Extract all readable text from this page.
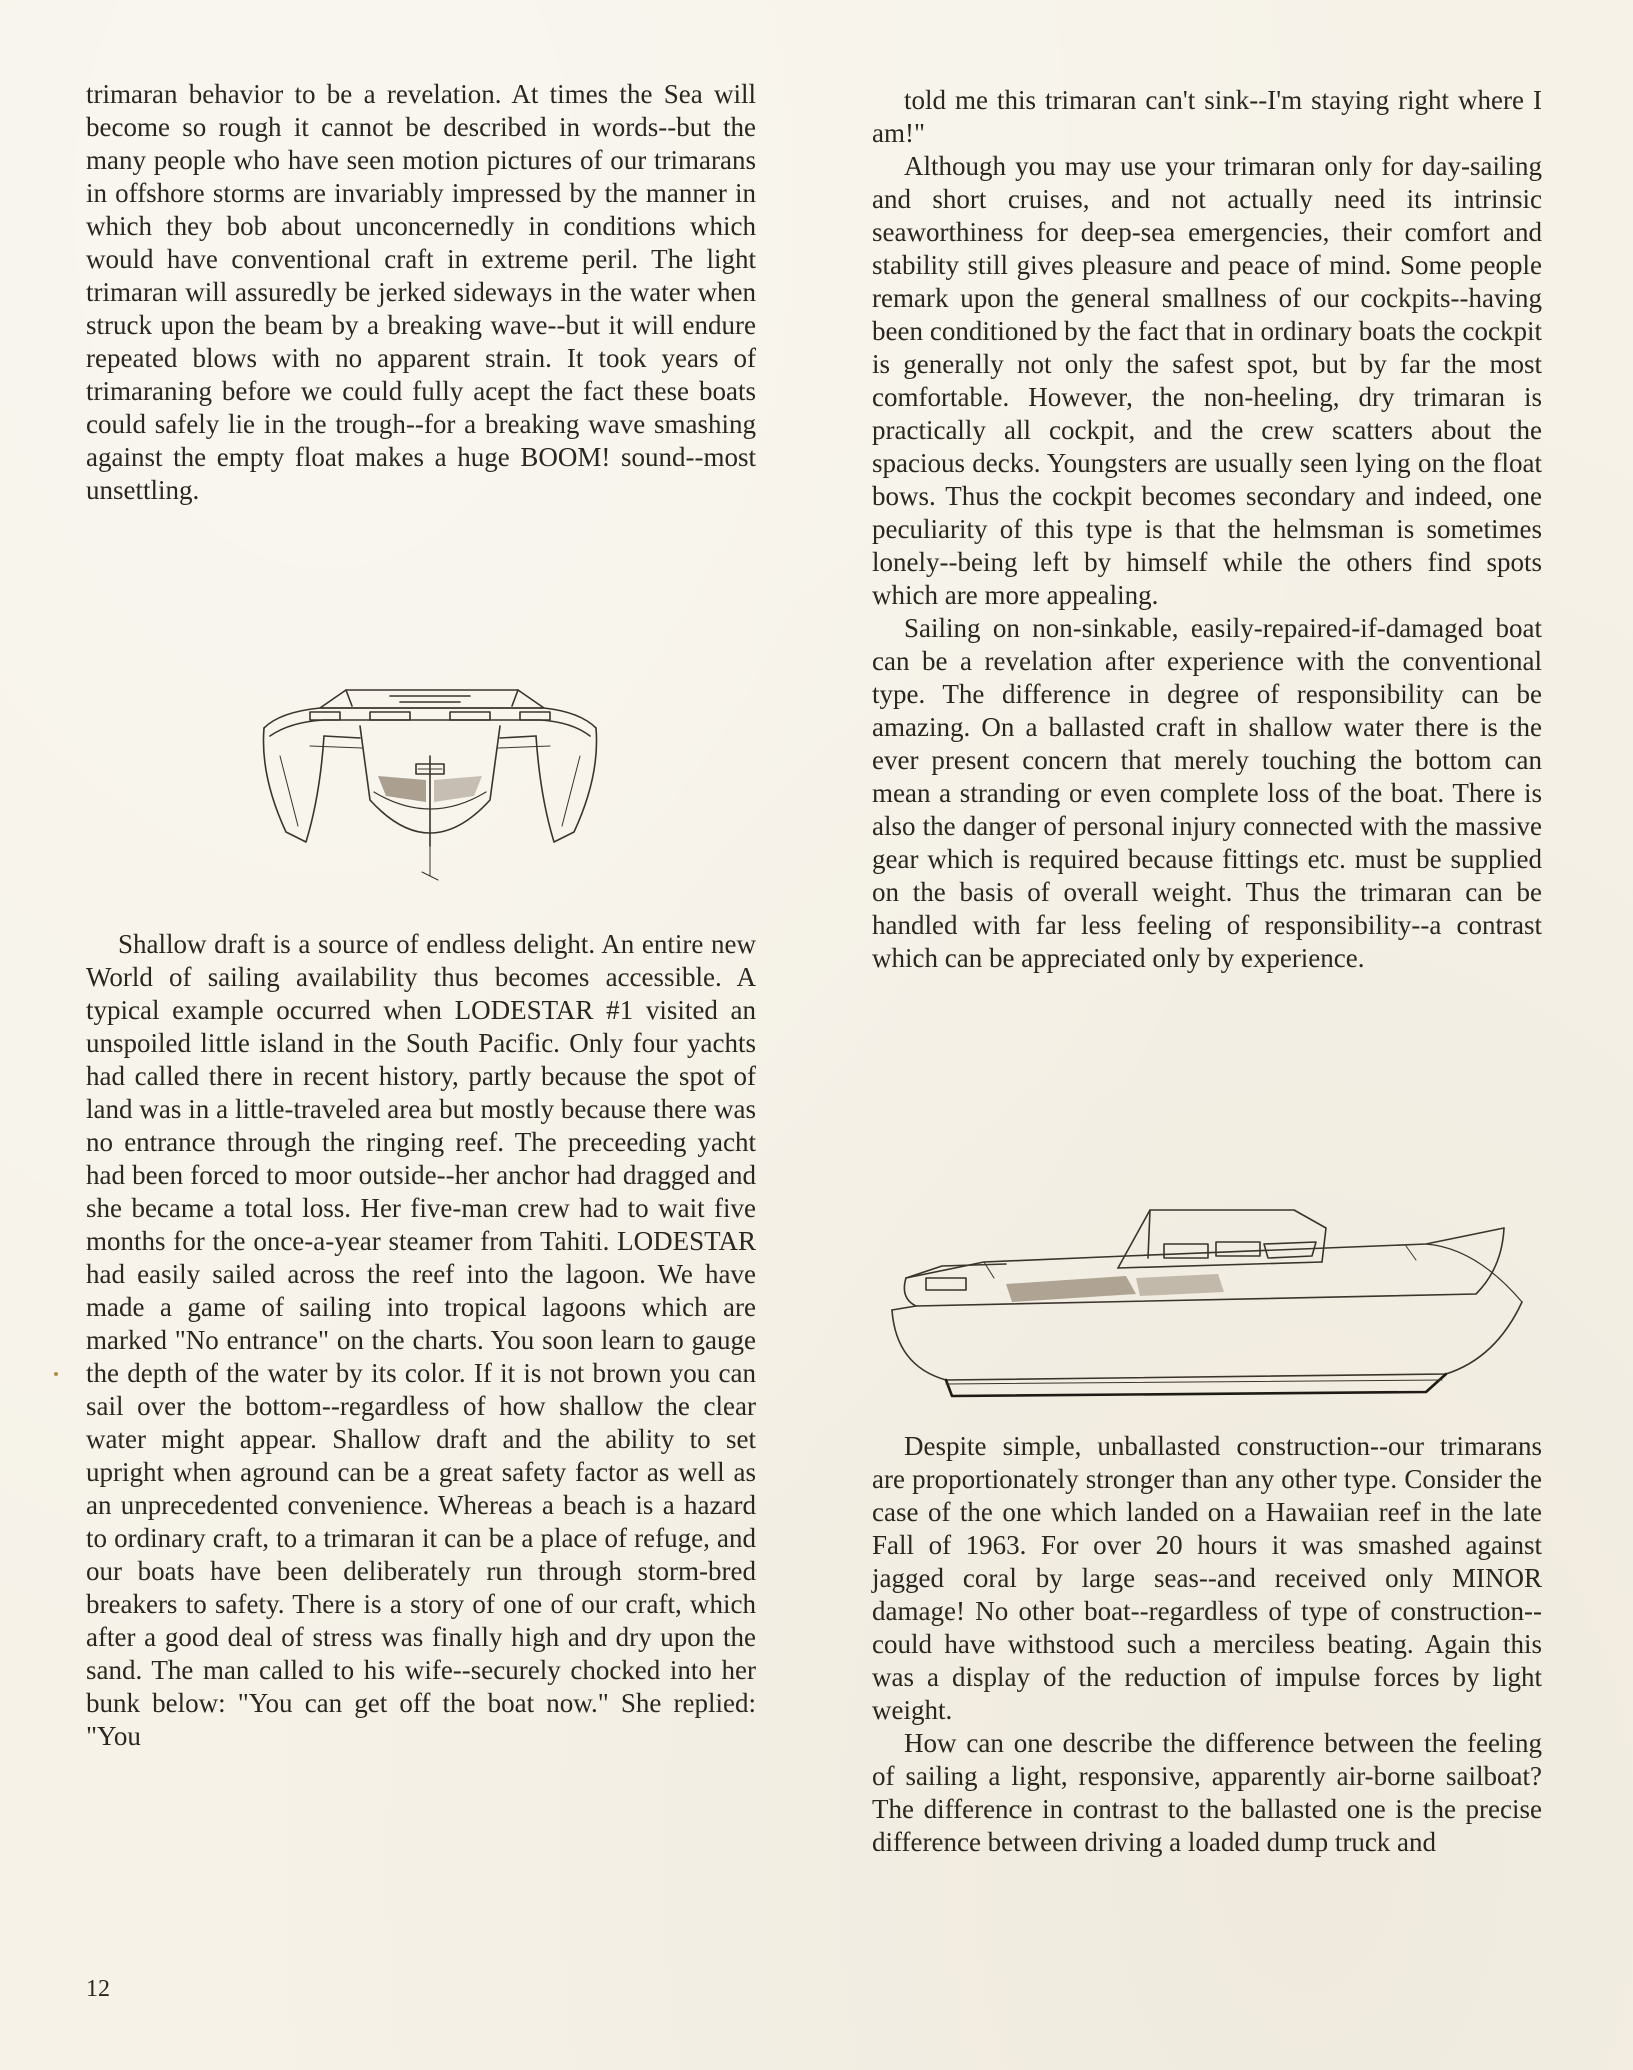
trimaran behavior to be a revelation. At times the Sea will become so rough it cannot be described in words--but the many people who have seen motion pictures of our trimarans in offshore storms are invariably impressed by the manner in which they bob about unconcernedly in conditions which would have conventional craft in extreme peril. The light trimaran will assuredly be jerked sideways in the water when struck upon the beam by a breaking wave--but it will endure repeated blows with no apparent strain. It took years of trimaraning before we could fully acept the fact these boats could safely lie in the trough--for a breaking wave smashing against the empty float makes a huge BOOM! sound--most unsettling.

Shallow draft is a source of endless delight. An entire new World of sailing availability thus becomes accessible. A typical example occurred when LODESTAR #1 visited an unspoiled little island in the South Pacific. Only four yachts had called there in recent history, partly because the spot of land was in a little-traveled area but mostly because there was no entrance through the ringing reef. The preceeding yacht had been forced to moor outside--her anchor had dragged and she became a total loss. Her five-man crew had to wait five months for the once-a-year steamer from Tahiti. LODESTAR had easily sailed across the reef into the lagoon. We have made a game of sailing into tropical lagoons which are marked "No entrance" on the charts. You soon learn to gauge the depth of the water by its color. If it is not brown you can sail over the bottom--regardless of how shallow the clear water might appear. Shallow draft and the ability to set upright when aground can be a great safety factor as well as an unprecedented convenience. Whereas a beach is a hazard to ordinary craft, to a trimaran it can be a place of refuge, and our boats have been deliberately run through storm-bred breakers to safety. There is a story of one of our craft, which after a good deal of stress was finally high and dry upon the sand. The man called to his wife--securely chocked into her bunk below: "You can get off the boat now." She replied: "You

told me this trimaran can't sink--I'm staying right where I am!"

Although you may use your trimaran only for day-sailing and short cruises, and not actually need its intrinsic seaworthiness for deep-sea emergencies, their comfort and stability still gives pleasure and peace of mind. Some people remark upon the general smallness of our cockpits--having been conditioned by the fact that in ordinary boats the cockpit is generally not only the safest spot, but by far the most comfortable. However, the non-heeling, dry trimaran is practically all cockpit, and the crew scatters about the spacious decks. Youngsters are usually seen lying on the float bows. Thus the cockpit becomes secondary and indeed, one peculiarity of this type is that the helmsman is sometimes lonely--being left by himself while the others find spots which are more appealing.

Sailing on non-sinkable, easily-repaired-if-damaged boat can be a revelation after experience with the conventional type. The difference in degree of responsibility can be amazing. On a ballasted craft in shallow water there is the ever present concern that merely touching the bottom can mean a stranding or even complete loss of the boat. There is also the danger of personal injury connected with the massive gear which is required because fittings etc. must be supplied on the basis of overall weight. Thus the trimaran can be handled with far less feeling of responsibility--a contrast which can be appreciated only by experience.

Despite simple, unballasted construction--our trimarans are proportionately stronger than any other type. Consider the case of the one which landed on a Hawaiian reef in the late Fall of 1963. For over 20 hours it was smashed against jagged coral by large seas--and received only MINOR damage! No other boat--regardless of type of construction--could have withstood such a merciless beating. Again this was a display of the reduction of impulse forces by light weight.

How can one describe the difference between the feeling of sailing a light, responsive, apparently air-borne sailboat? The difference in contrast to the ballasted one is the precise difference between driving a loaded dump truck and

12
